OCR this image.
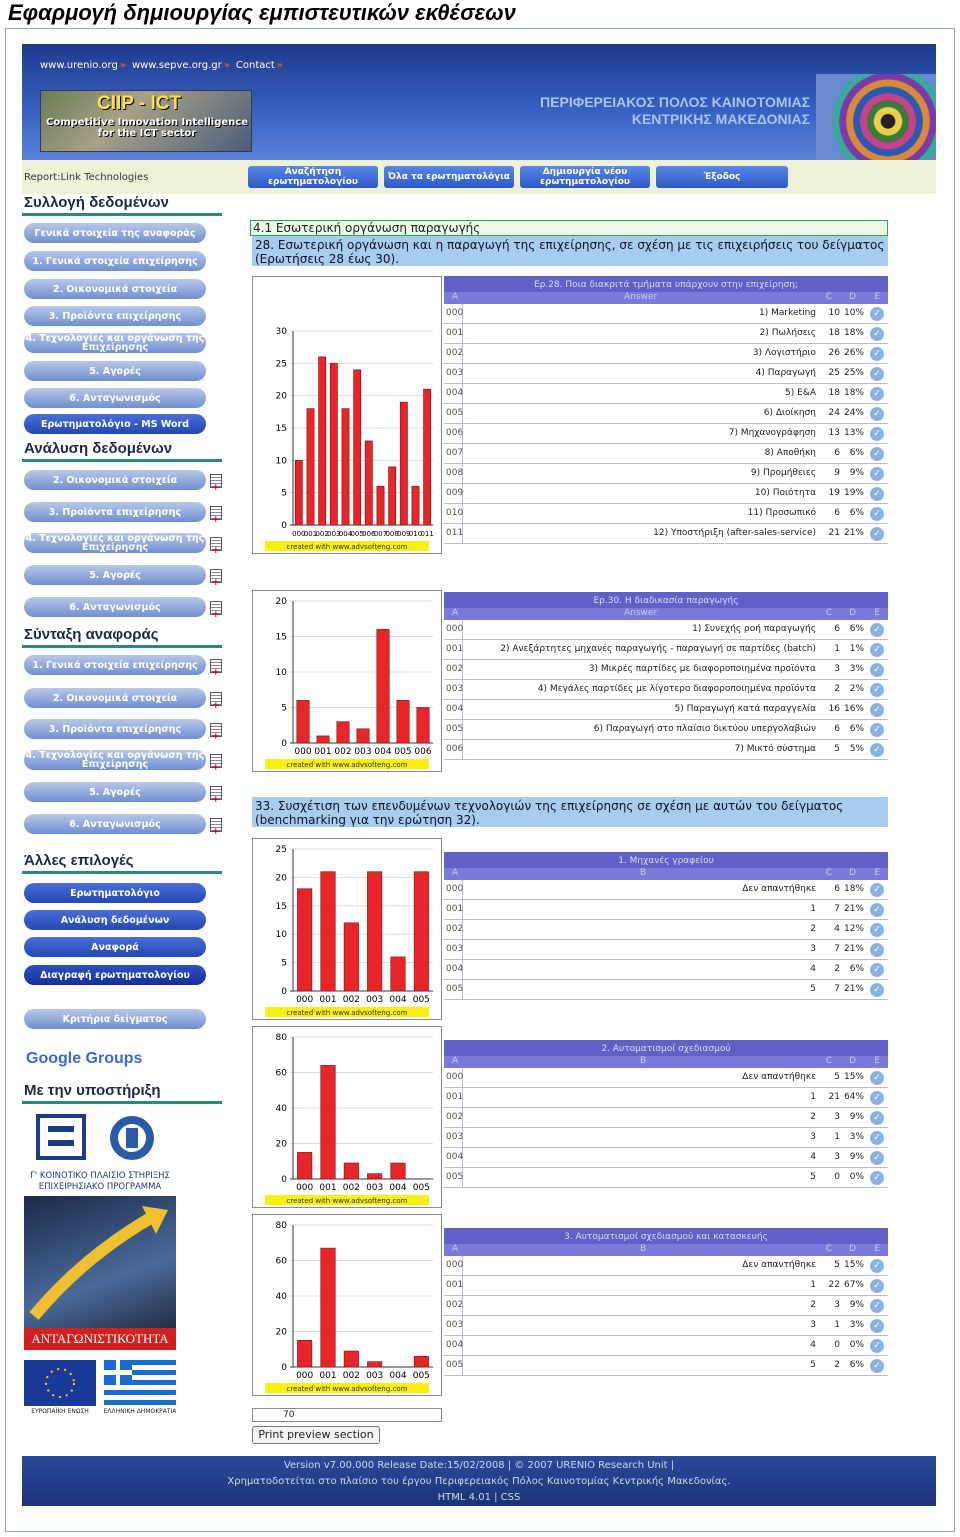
Εφαρμογή δημιουργίας εμπιστευτικών εκθέσεων
www.urenio.org »	www.sepve.org.gr »	Contact »
CIIP - ICT
Competitive Innovation Intelligence for the ICT sector
ΠΕΡΙΦΕΡΕΙΑΚΟΣ ΠΟΛΟΣ ΚΑΙΝΟΤΟΜΙΑΣ
ΚΕΝΤΡΙΚΗΣ ΜΑΚΕΔΟΝΙΑΣ
Report:Link Technologies	Αναζήτηση ερωτηματολογίου	Όλα τα ερωτηματολόγια	Δημιουργία νέου ερωτηματολογίου	Έξοδος
Συλλογή δεδομένων
Γενικά στοιχεία της αναφοράς
1. Γενικά στοιχεία επιχείρησης
2. Οικονομικά στοιχεία
3. Προϊόντα επιχείρησης
4. Τεχνολογίες και οργάνωση της Επιχείρησης
5. Αγορές
6. Ανταγωνισμός
Ερωτηματολόγιο - MS Word
Ανάλυση δεδομένων
2. Οικονομικά στοιχεία
+
3. Προϊόντα επιχείρησης
+
4. Τεχνολογίες και οργάνωση της Επιχείρησης
+
5. Αγορές
+
6. Ανταγωνισμός
+
Σύνταξη αναφοράς
1. Γενικά στοιχεία επιχείρησης
+
2. Οικονομικά στοιχεία
+
3. Προϊόντα επιχείρησης
+
4. Τεχνολογίες και οργάνωση της Επιχείρησης
+
5. Αγορές
+
6. Ανταγωνισμός
+
Άλλες επιλογές
Ερωτηματολόγιο
Ανάλυση δεδομένων
Αναφορά
Διαγραφή ερωτηματολογίου
Κριτήρια δείγματος
Google Groups
Με την υποστήριξη
Γ' ΚΟΙΝΟΤΙΚΟ ΠΛΑΙΣΙΟ ΣΤΗΡΙΞΗΣ ΕΠΙΧΕΙΡΗΣΙΑΚΟ ΠΡΟΓΡΑΜΜΑ
ΑΝΤΑΓΩΝΙΣΤΙΚΟΤΗΤΑ
ΕΥΡΩΠΑΪΚΗ ΕΝΩΣΗ	ΕΛΛΗΝΙΚΗ ΔΗΜΟΚΡΑΤΙΑ
4.1 Εσωτερική οργάνωση παραγωγής
28. Εσωτερική οργάνωση και η παραγωγή της επιχείρησης, σε σχέση με τις επιχειρήσεις του δείγματος (Ερωτήσεις 28 έως 30).
0
5
10
15
20
25
30
000
001
002
003
004
005
006
007
008
009
010
011
created with www.advsofteng.com
Ερ.28. Ποια διακριτά τμήματα υπάρχουν στην επιχείρηση;
A	Answer	C D E
000	1) Marketing 10 10%	✓
001	2) Πωλήσεις 18 18%	✓
002	3) Λογιστήριο 26 26%	✓
003	4) Παραγωγή 25 25%	✓
004	5) Ε&Α 18 18%	✓
005	6) Διοίκηση 24 24%	✓
006	7) Μηχανογράφηση 13 13%	✓
007	8) Αποθήκη 6 6%	✓
008	9) Προμήθειες 9 9%	✓
009	10) Ποιότητα 19 19%	✓
010	11) Προσωπικό 6 6%	✓
011	12) Υποστήριξη (after-sales-service) 21 21%	✓
0
5
10
15
20
000 001 002 003 004 005 006
created with www.advsofteng.com
Ερ.30. Η διαδικασία παραγωγής
A	Answer	C D E
000	1) Συνεχής ροή παραγωγής 6 6%	✓
001	2) Ανεξάρτητες μηχανές παραγωγής - παραγωγή σε παρτίδες (batch) 1 1%	✓
002	3) Μικρές παρτίδες με διαφοροποιημένα προϊόντα 3 3%	✓
003	4) Μεγάλες παρτίδες με λίγοτερο διαφοροποιημένα προϊόντα 2 2%	✓
004	5) Παραγωγή κατά παραγγελία 16 16%	✓
005	6) Παραγωγή στο πλαίσιο δικτύου υπεργολαβιών 6 6%	✓
006	7) Μικτό σύστημα 5 5%	✓
0
5
10
15
20
25
000 001 002 003 004 005
created with www.advsofteng.com
1. Μηχανές γραφείου
A	B	C D E
000	Δεν απαντήθηκε 6 18%	✓
001	1 7 21%	✓
002	2 4 12%	✓
003	3 7 21%	✓
004	4 2 6%	✓
005	5 7 21%	✓
0
20
40
60
80
000 001 002 003 004 005
created with www.advsofteng.com
2. Αυτοματισμοί σχεδιασμού
A	B	C D E
000	Δεν απαντήθηκε 5 15%	✓
001	1 21 64%	✓
002	2 3 9%	✓
003	3 1 3%	✓
004	4 3 9%	✓
005	5 0 0%	✓
0
20
40
60
80
000 001 002 003 004 005
created with www.advsofteng.com
3. Αυτοματισμοί σχεδιασμού και κατασκευής
A	B	C D E
000	Δεν απαντήθηκε 5 15%	✓
001	1 22 67%	✓
002	2 3 9%	✓
003	3 1 3%	✓
004	4 0 0%	✓
005	5 2 6%	✓
33. Συσχέτιση των επενδυμένων τεχνολογιών της επιχείρησης σε σχέση με αυτών του δείγματος (benchmarking για την ερώτηση 32).
70
Print preview section
Version v7.00.000 Release Date:15/02/2008 | © 2007 URENIO Research Unit |
Χρηματοδοτείται στο πλαίσιο του έργου Περιφερειακός Πόλος Καινοτομίας Κεντρικής Μακεδονίας.
HTML 4.01 | CSS
